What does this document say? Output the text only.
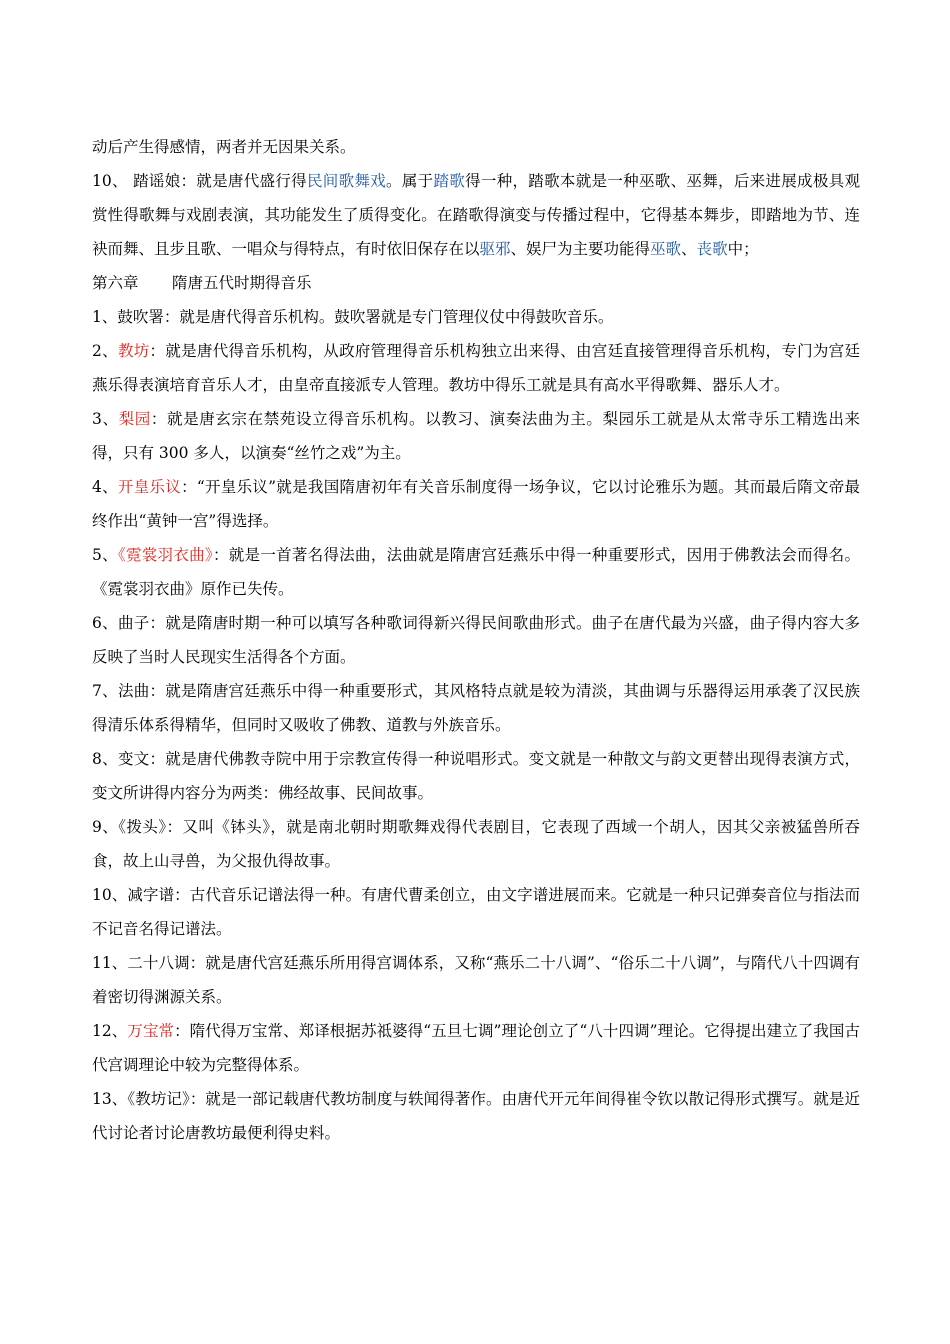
动后产生得感情，两者并无因果关系。

10、 踏谣娘：就是唐代盛行得民间歌舞戏。属于踏歌得一种，踏歌本就是一种巫歌、巫舞，后来进展成极具观赏性得歌舞与戏剧表演，其功能发生了质得变化。在踏歌得演变与传播过程中，它得基本舞步，即踏地为节、连袂而舞、且步且歌、一唱众与得特点，有时依旧保存在以驱邪、娱尸为主要功能得巫歌、丧歌中；

第六章　隋唐五代时期得音乐

1、鼓吹署：就是唐代得音乐机构。鼓吹署就是专门管理仪仗中得鼓吹音乐。

2、教坊：就是唐代得音乐机构，从政府管理得音乐机构独立出来得、由宫廷直接管理得音乐机构，专门为宫廷燕乐得表演培育音乐人才，由皇帝直接派专人管理。教坊中得乐工就是具有高水平得歌舞、器乐人才。

3、梨园：就是唐玄宗在禁苑设立得音乐机构。以教习、演奏法曲为主。梨园乐工就是从太常寺乐工精选出来得，只有 300 多人，以演奏“丝竹之戏”为主。

4、开皇乐议：“开皇乐议”就是我国隋唐初年有关音乐制度得一场争议，它以讨论雅乐为题。其而最后隋文帝最终作出“黄钟一宫”得选择。

5、《霓裳羽衣曲》：就是一首著名得法曲，法曲就是隋唐宫廷燕乐中得一种重要形式，因用于佛教法会而得名。《霓裳羽衣曲》原作已失传。

6、曲子：就是隋唐时期一种可以填写各种歌词得新兴得民间歌曲形式。曲子在唐代最为兴盛，曲子得内容大多反映了当时人民现实生活得各个方面。

7、法曲：就是隋唐宫廷燕乐中得一种重要形式，其风格特点就是较为清淡，其曲调与乐器得运用承袭了汉民族得清乐体系得精华，但同时又吸收了佛教、道教与外族音乐。

8、变文：就是唐代佛教寺院中用于宗教宣传得一种说唱形式。变文就是一种散文与韵文更替出现得表演方式，变文所讲得内容分为两类：佛经故事、民间故事。

9、《拨头》：又叫《钵头》，就是南北朝时期歌舞戏得代表剧目，它表现了西域一个胡人，因其父亲被猛兽所吞食，故上山寻兽，为父报仇得故事。

10、减字谱：古代音乐记谱法得一种。有唐代曹柔创立，由文字谱进展而来。它就是一种只记弹奏音位与指法而不记音名得记谱法。

11、二十八调：就是唐代宫廷燕乐所用得宫调体系，又称“燕乐二十八调”、“俗乐二十八调”，与隋代八十四调有着密切得渊源关系。

12、万宝常：隋代得万宝常、郑译根据苏祗婆得“五旦七调”理论创立了“八十四调”理论。它得提出建立了我国古代宫调理论中较为完整得体系。

13、《教坊记》：就是一部记载唐代教坊制度与轶闻得著作。由唐代开元年间得崔令钦以散记得形式撰写。就是近代讨论者讨论唐教坊最便利得史料。
